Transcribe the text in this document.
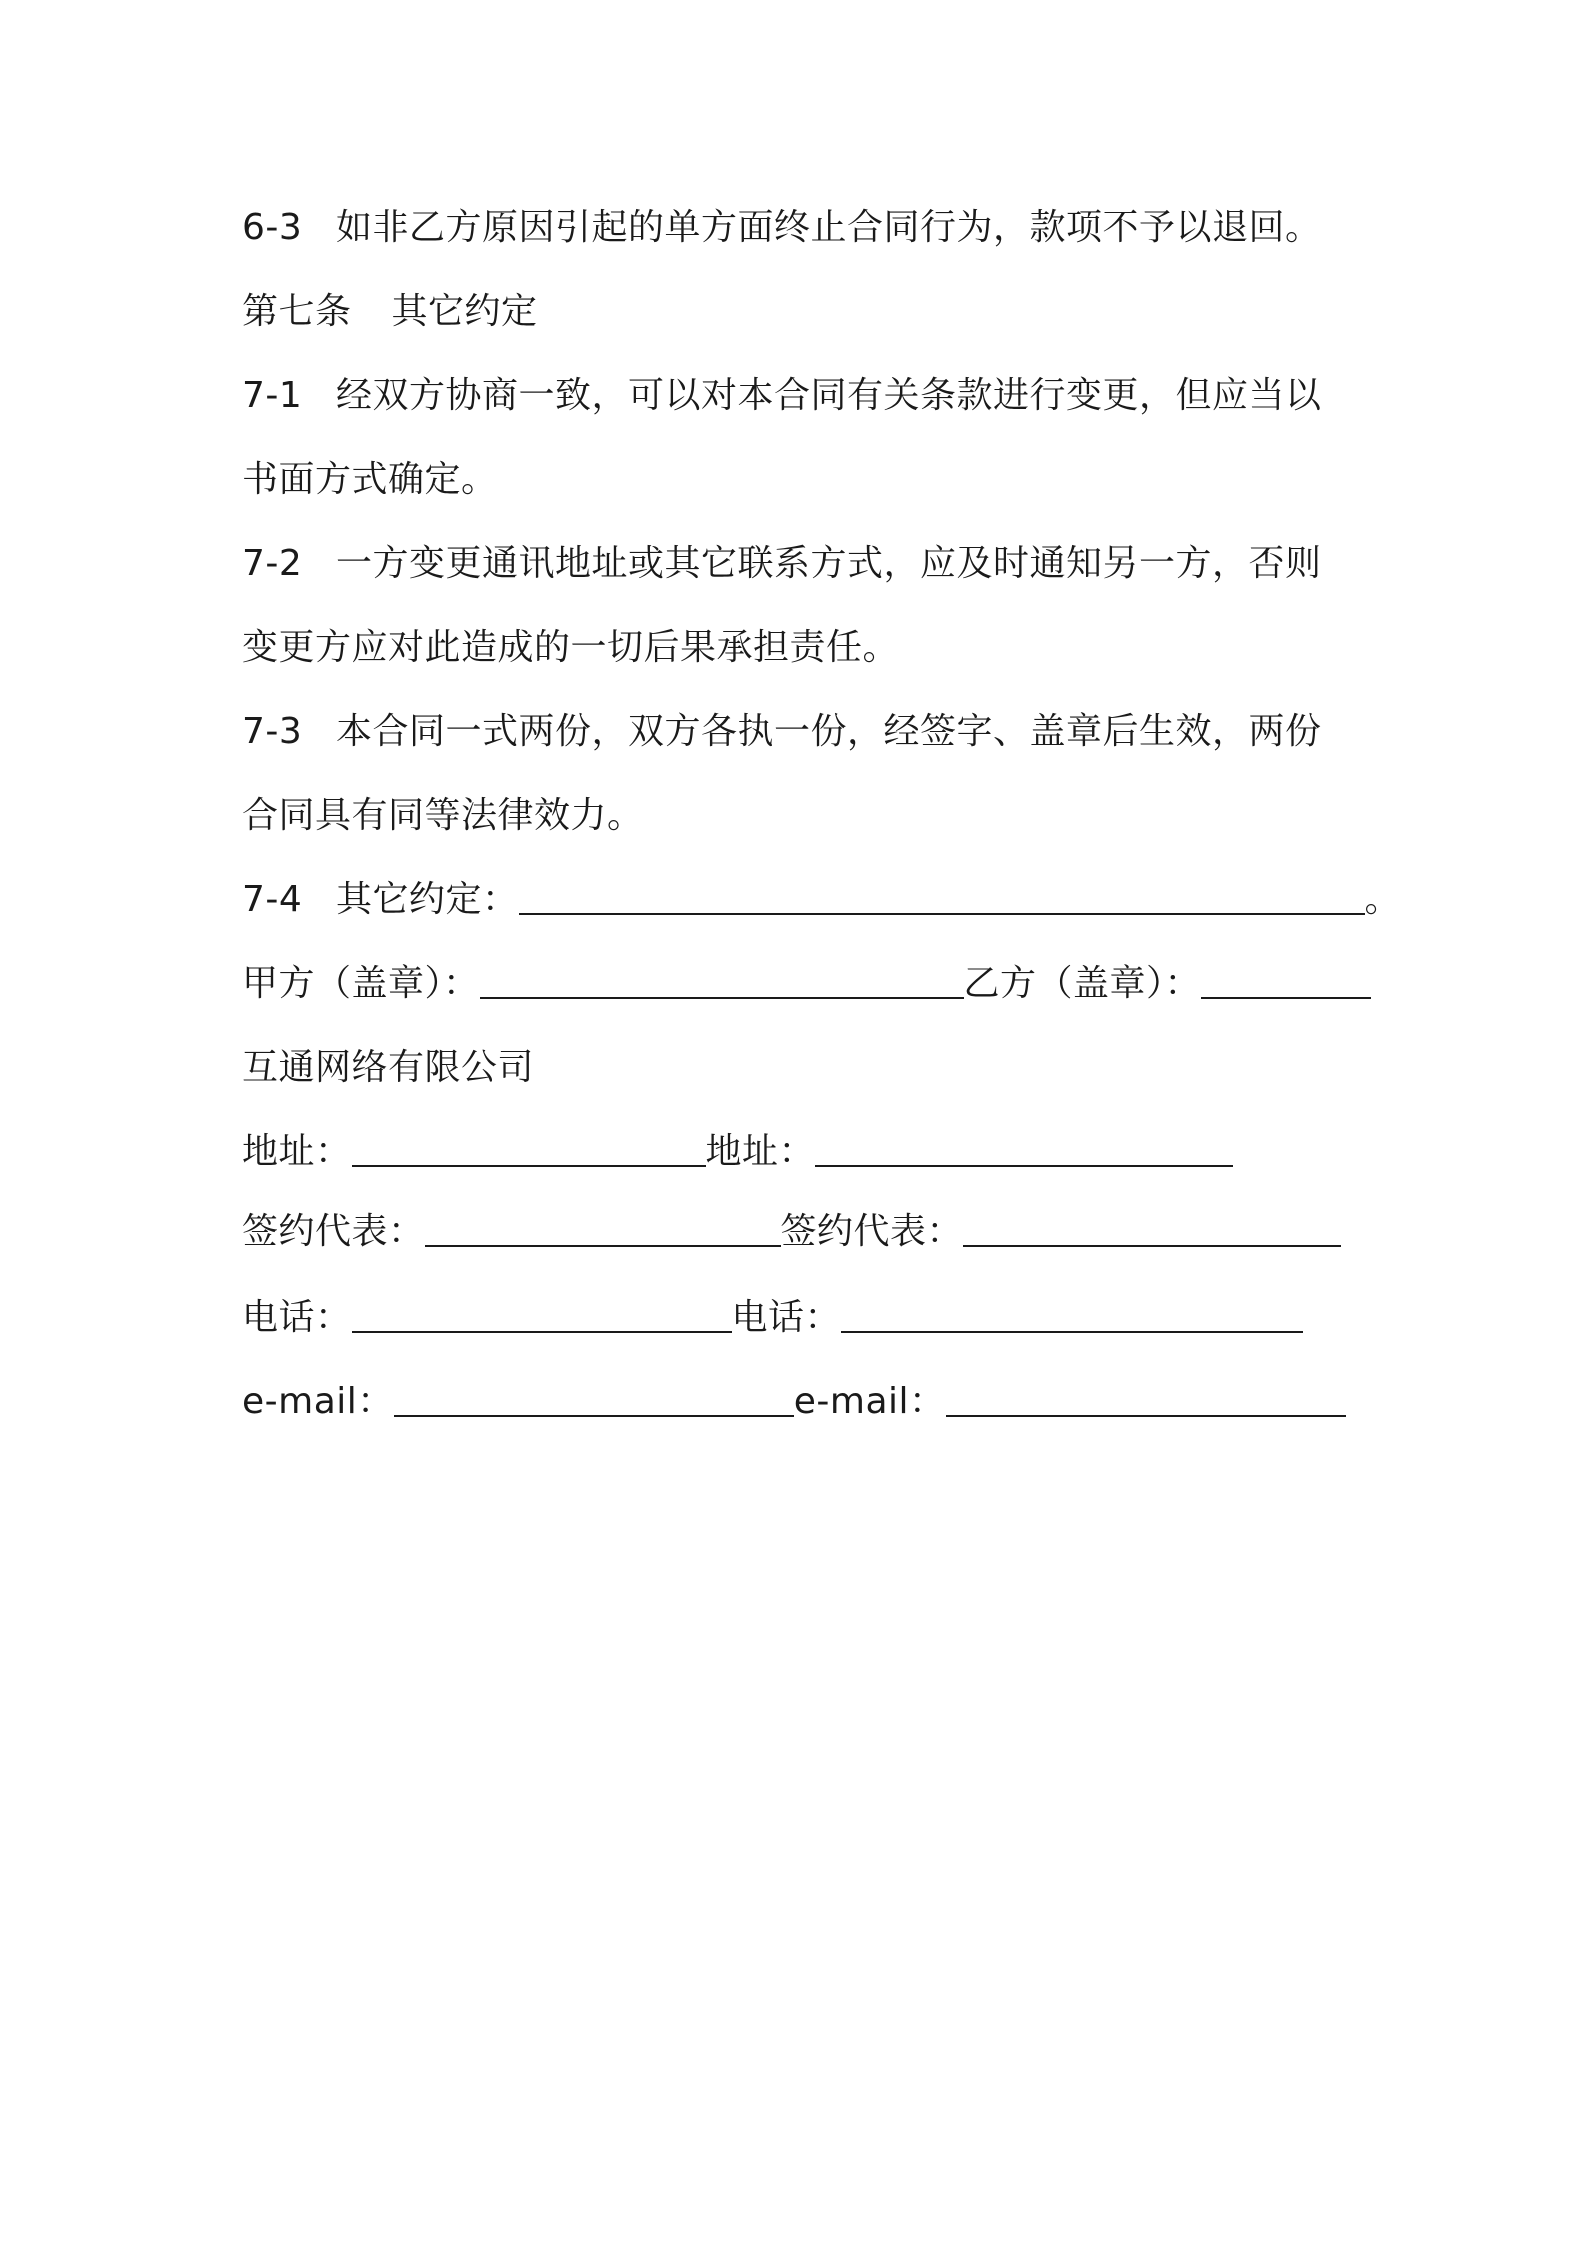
6-3 如非乙方原因引起的单方面终止合同行为，款项不予以退回。
第七条 其它约定
7-1 经双方协商一致，可以对本合同有关条款进行变更，但应当以
书面方式确定。
7-2 一方变更通讯地址或其它联系方式，应及时通知另一方，否则
变更方应对此造成的一切后果承担责任。
7-3 本合同一式两份，双方各执一份，经签字、盖章后生效，两份
合同具有同等法律效力。
7-4 其它约定：	。
甲方（盖章）：	乙方（盖章）：
互通网络有限公司
地址：	地址：
签约代表：	签约代表：
电话：	电话：
e-mail：	e-mail：
